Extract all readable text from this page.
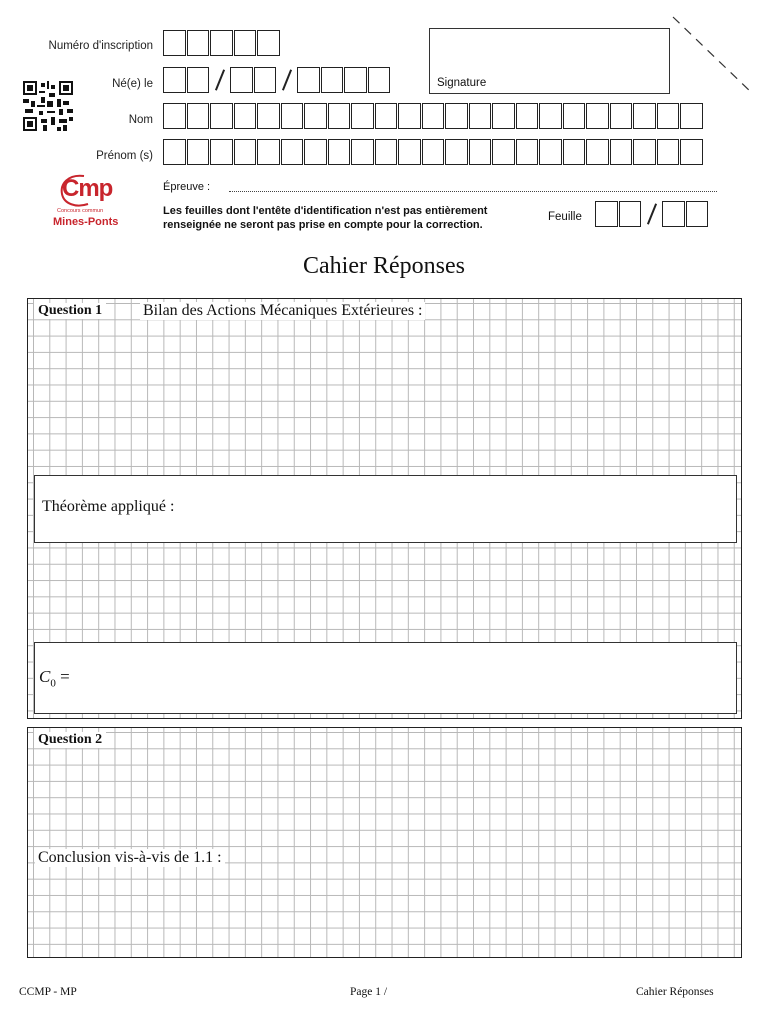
Numéro d'inscription
Né(e) le	Signature
Nom
Prénom (s)
Cmp
Concours commun
Mines-Ponts
Épreuve :
Les feuilles dont l'entête d'identification n'est pas entièrement renseignée ne seront pas prise en compte pour la correction.
Feuille
Cahier Réponses
Question 1	Bilan des Actions Mécaniques Extérieures :
Théorème appliqué :
$C_0$ =
Question 2
Conclusion vis-à-vis de 1.1 :
CCMP - MP	Page 1 /	Cahier Réponses
